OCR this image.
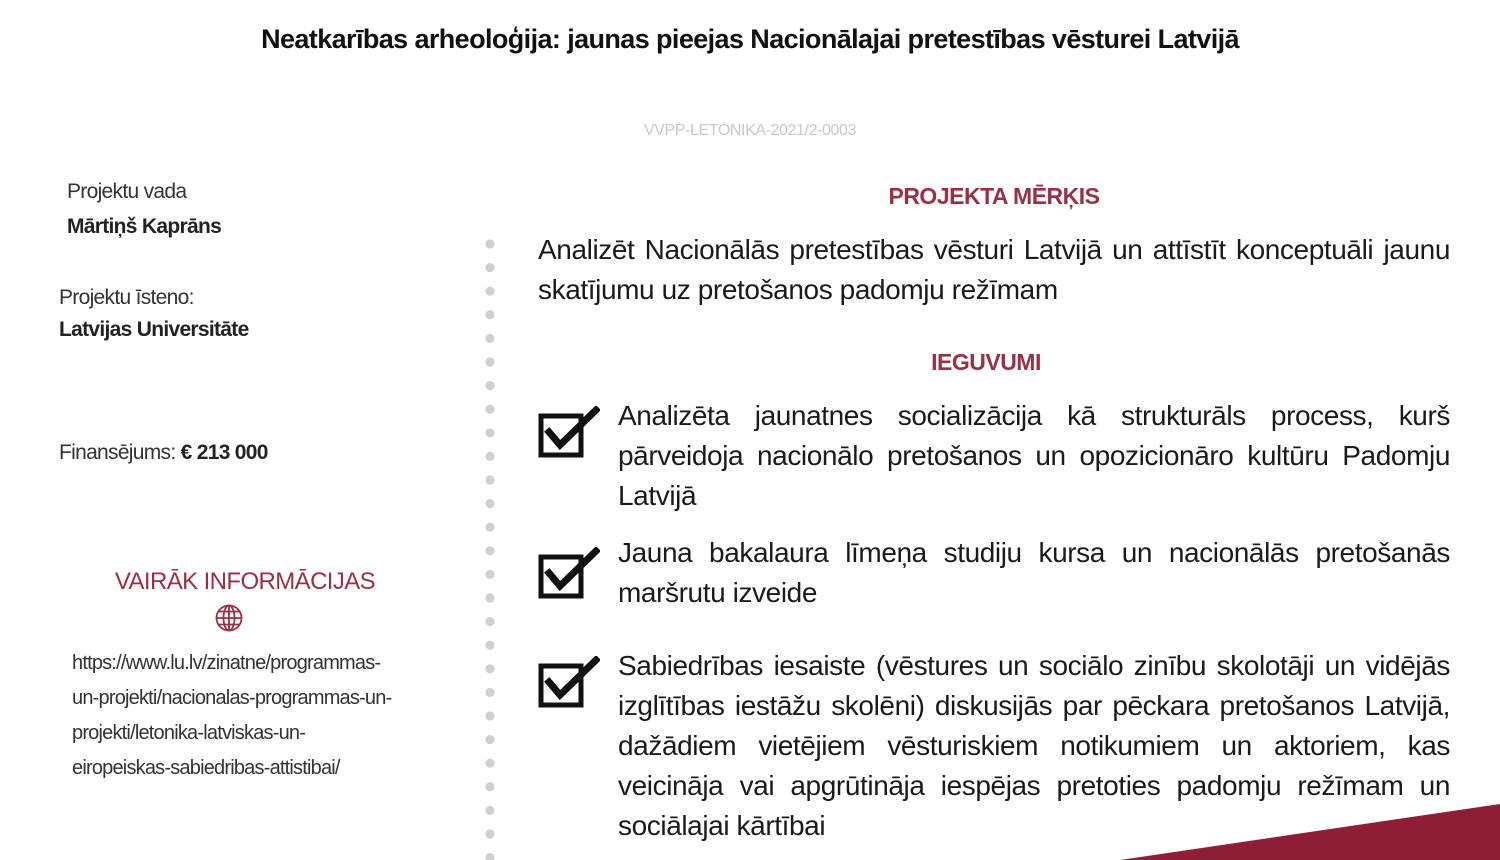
Neatkarības arheoloģija: jaunas pieejas Nacionālajai pretestības vēsturei Latvijā
VVPP-LETONIKA-2021/2-0003
Projektu vada
Mārtiņš Kaprāns
Projektu īsteno:
Latvijas Universitāte
Finansējums: € 213 000
VAIRĀK INFORMĀCIJAS
https://www.lu.lv/zinatne/programmas-
un-projekti/nacionalas-programmas-un-
projekti/letonika-latviskas-un-
eiropeiskas-sabiedribas-attistibai/
PROJEKTA MĒRĶIS
Analizēt Nacionālās pretestības vēsturi Latvijā un attīstīt konceptuāli jaunu skatījumu uz pretošanos padomju režīmam
IEGUVUMI
Analizēta jaunatnes socializācija kā strukturāls process, kurš pārveidoja nacionālo pretošanos un opozicionāro kultūru Padomju Latvijā
Jauna bakalaura līmeņa studiju kursa un nacionālās pretošanās maršrutu izveide
Sabiedrības iesaiste (vēstures un sociālo zinību skolotāji un vidējās izglītības iestāžu skolēni) diskusijās par pēckara pretošanos Latvijā, dažādiem vietējiem vēsturiskiem notikumiem un aktoriem, kas veicināja vai apgrūtināja iespējas pretoties padomju režīmam un sociālajai kārtībai
